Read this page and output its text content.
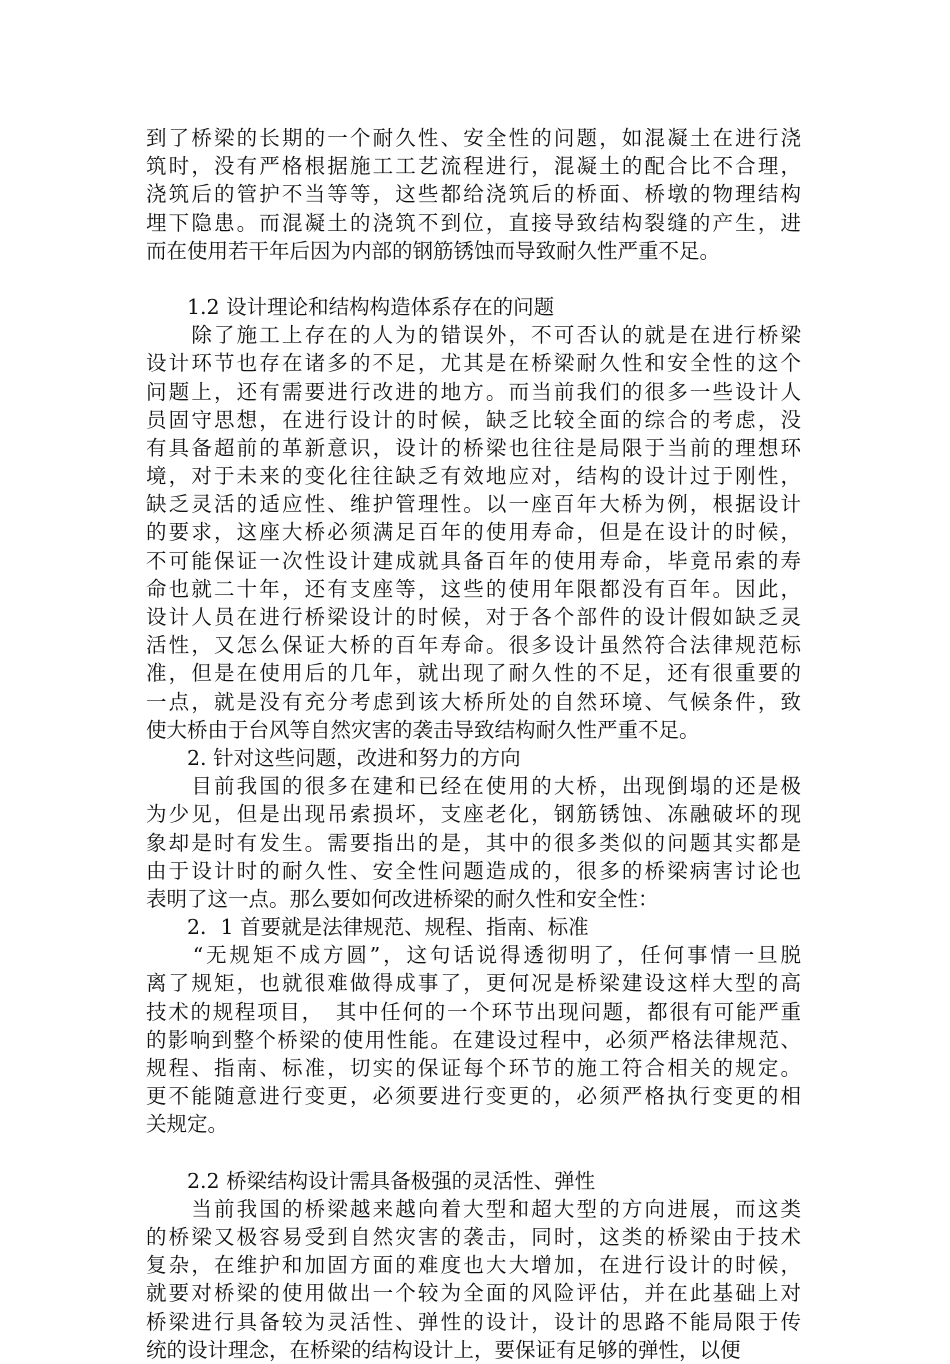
到了桥梁的长期的一个耐久性、安全性的问题，如混凝土在进行浇
筑时，没有严格根据施工工艺流程进行，混凝土的配合比不合理，
浇筑后的管护不当等等，这些都给浇筑后的桥面、桥墩的物理结构
埋下隐患。而混凝土的浇筑不到位，直接导致结构裂缝的产生，进
而在使用若干年后因为内部的钢筋锈蚀而导致耐久性严重不足。
1.2 设计理论和结构构造体系存在的问题
　　除了施工上存在的人为的错误外，不可否认的就是在进行桥梁
设计环节也存在诸多的不足，尤其是在桥梁耐久性和安全性的这个
问题上，还有需要进行改进的地方。而当前我们的很多一些设计人
员固守思想，在进行设计的时候，缺乏比较全面的综合的考虑，没
有具备超前的革新意识，设计的桥梁也往往是局限于当前的理想环
境，对于未来的变化往往缺乏有效地应对，结构的设计过于刚性，
缺乏灵活的适应性、维护管理性。以一座百年大桥为例，根据设计
的要求，这座大桥必须满足百年的使用寿命，但是在设计的时候，
不可能保证一次性设计建成就具备百年的使用寿命，毕竟吊索的寿
命也就二十年，还有支座等，这些的使用年限都没有百年。因此，
设计人员在进行桥梁设计的时候，对于各个部件的设计假如缺乏灵
活性，又怎么保证大桥的百年寿命。很多设计虽然符合法律规范标
准，但是在使用后的几年，就出现了耐久性的不足，还有很重要的
一点，就是没有充分考虑到该大桥所处的自然环境、气候条件，致
使大桥由于台风等自然灾害的袭击导致结构耐久性严重不足。
2. 针对这些问题，改进和努力的方向
　　目前我国的很多在建和已经在使用的大桥，出现倒塌的还是极
为少见，但是出现吊索损坏，支座老化，钢筋锈蚀、冻融破坏的现
象却是时有发生。需要指出的是，其中的很多类似的问题其实都是
由于设计时的耐久性、安全性问题造成的，很多的桥梁病害讨论也
表明了这一点。那么要如何改进桥梁的耐久性和安全性：
2．1 首要就是法律规范、规程、指南、标准
　　“无规矩不成方圆”，这句话说得透彻明了，任何事情一旦脱
离了规矩，也就很难做得成事了，更何况是桥梁建设这样大型的高
技术的规程项目，　其中任何的一个环节出现问题，都很有可能严重
的影响到整个桥梁的使用性能。在建设过程中，必须严格法律规范、
规程、指南、标准，切实的保证每个环节的施工符合相关的规定。
更不能随意进行变更，必须要进行变更的，必须严格执行变更的相
关规定。
2.2 桥梁结构设计需具备极强的灵活性、弹性
　　当前我国的桥梁越来越向着大型和超大型的方向进展，而这类
的桥梁又极容易受到自然灾害的袭击，同时，这类的桥梁由于技术
复杂，在维护和加固方面的难度也大大增加，在进行设计的时候，
就要对桥梁的使用做出一个较为全面的风险评估，并在此基础上对
桥梁进行具备较为灵活性、弹性的设计，设计的思路不能局限于传
统的设计理念，在桥梁的结构设计上，要保证有足够的弹性，以便
